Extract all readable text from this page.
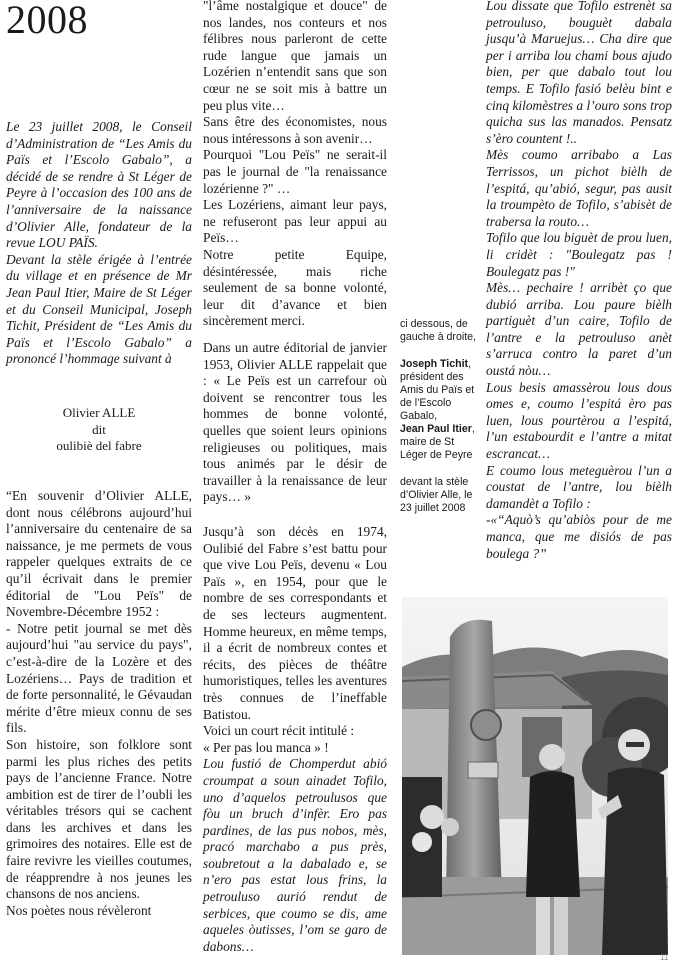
2008

Le 23 juillet 2008, le Conseil d’Administration de “Les Amis du Païs et l’Escolo Gabalo”, a décidé de se rendre à St Léger de Peyre à l’occasion des 100 ans de l’anniversaire de la naissance d’Olivier Alle, fondateur de la revue LOU PAÏS.

Devant la stèle érigée à l’entrée du village et en présence de Mr Jean Paul Itier, Maire de St Léger et du Conseil Municipal, Joseph Tichit, Président de “Les Amis du Païs et l’Escolo Gabalo” a prononcé l’hommage suivant à

Olivier ALLE

dit

oulibiè del fabre

“En souvenir d’Olivier ALLE, dont nous célébrons aujourd’hui l’anniversaire du centenaire de sa naissance, je me permets de vous rappeler quelques extraits de ce qu’il écrivait dans le premier éditorial de "Lou Peïs" de Novembre-Décembre 1952 :

- Notre petit journal se met dès aujourd’hui "au service du pays", c’est-à-dire de la Lozère et des Lozériens… Pays de tradition et de forte personnalité, le Gévaudan mérite d’être mieux connu de ses fils.

Son histoire, son folklore sont parmi les plus riches des petits pays de l’ancienne France. Notre ambition est de tirer de l’oubli les véritables trésors qui se cachent dans les archives et dans les grimoires des notaires. Elle est de faire revivre les vieilles coutumes, de réapprendre à nos jeunes les chansons de nos anciens.

Nos poètes nous révèleront

"l’âme nostalgique et douce" de nos landes, nos conteurs et nos félibres nous parleront de cette rude langue que jamais un Lozérien n’entendit sans que son cœur ne se soit mis à battre un peu plus vite…

Sans être des économistes, nous nous intéressons à son avenir…

Pourquoi "Lou Peïs" ne serait-il pas le journal de "la renaissance lozérienne ?" …

Les Lozériens, aimant leur pays, ne refuseront pas leur appui au Peïs…

Notre petite Equipe, désintéressée, mais riche seulement de sa bonne volonté, leur dit d’avance et bien sincèrement merci.

Dans un autre éditorial de janvier 1953, Olivier ALLE rappelait que : « Le Peïs est un carrefour où doivent se rencontrer tous les hommes de bonne volonté, quelles que soient leurs opinions religieuses ou politiques, mais tous animés par le désir de travailler à la renaissance de leur pays… »

Jusqu’à son décès en 1974, Oulibié del Fabre s’est battu pour que vive Lou Peïs, devenu « Lou Païs », en 1954, pour que le nombre de ses correspondants et de ses lecteurs augmentent. Homme heureux, en même temps, il a écrit de nombreux contes et récits, des pièces de théâtre humoristiques, telles les aventures très connues de l’ineffable Batistou.

Voici un court récit intitulé :

« Per pas lou manca » !

Lou fustió de Chomperdut abió croumpat a soun ainadet Tofilo, uno d’aquelos petroulusos que fòu un bruch d’infèr. Ero pas pardines, de las pus nobos, mès, pracó marchabo a pus près, soubretout a la dabalado e, se n’ero pas estat lous frins, la petrouluso aurió rendut de serbices, que coumo se dis, ame aqueles òutisses, l’om se garo de dabons…

ci dessous, de gauche à droite,

Joseph Tichit, président des Amis du Païs et de l’Escolo Gabalo,

Jean Paul Itier, maire de St Léger de Peyre

devant la stèle d’Olivier Alle, le 23 juillet 2008

Lou dissate que Tofilo estrenèt sa petrouluso, bouguèt dabala jusqu’à Maruejus… Cha dire que per i arriba lou chami bous ajudo bien, per que dabalo tout lou temps. E Tofilo fasió belèu bint e cinq kilomèstres a l’ouro sons trop quicha sus las manados. Pensatz s’èro countent !..

Mès coumo arribabo a Las Terrissos, un pichot bièlh de l’espitá, qu’abió, segur, pas ausit la troumpèto de Tofilo, s’abisèt de trabersa la routo…

Tofilo que lou biguèt de prou luen, li cridèt : "Boulegatz pas ! Boulegatz pas !"

Mès… pechaire ! arribèt ço que dubió arriba. Lou paure bièlh partiguèt d’un caire, Tofilo de l’antre e la petroulusо anèt s’arruca contro la paret d’un oustá nòu…

Lous besis amassèrou lous dous omes e, coumo l’espitá èro pas luen, lous pourtèrou a l’espitá, l’un estabourdit e l’antre a mitat escrancat…

E coumo lous meteguèrou l’un a coustat de l’antre, lou bièlh damandèt a Tofilo :

-«“Aquò’s qu’abiòs pour de me manca, que me disiós de pas boulega ?”

11
